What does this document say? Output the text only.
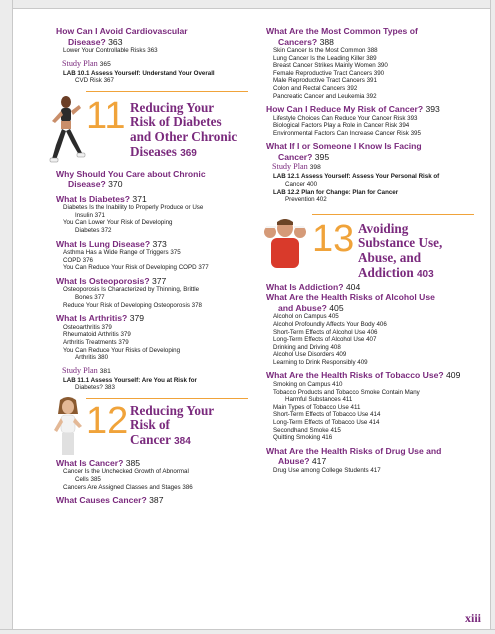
How Can I Avoid Cardiovascular
Disease? 363
Lower Your Controllable Risks 363
Study Plan 365
LAB 10.1 Assess Yourself: Understand Your Overall
CVD Risk 367
11 Reducing Your
Risk of Diabetes
and Other Chronic
Diseases 369
Why Should You Care about Chronic
Disease? 370
What Is Diabetes? 371
Diabetes Is the Inability to Properly Produce or Use
Insulin 371
You Can Lower Your Risk of Developing
Diabetes 372
What Is Lung Disease? 373
Asthma Has a Wide Range of Triggers 375
COPD 376
You Can Reduce Your Risk of Developing COPD 377
What Is Osteoporosis? 377
Osteoporosis Is Characterized by Thinning, Brittle
Bones 377
Reduce Your Risk of Developing Osteoporosis 378
What Is Arthritis? 379
Osteoarthritis 379
Rheumatoid Arthritis 379
Arthritis Treatments 379
You Can Reduce Your Risks of Developing
Arthritis 380
Study Plan 381
LAB 11.1 Assess Yourself: Are You at Risk for
Diabetes? 383
12 Reducing Your
Risk of
Cancer 384
What Is Cancer? 385
Cancer Is the Unchecked Growth of Abnormal
Cells 385
Cancers Are Assigned Classes and Stages 386
What Causes Cancer? 387
What Are the Most Common Types of
Cancers? 388
Skin Cancer Is the Most Common 388
Lung Cancer Is the Leading Killer 389
Breast Cancer Strikes Mainly Women 390
Female Reproductive Tract Cancers 390
Male Reproductive Tract Cancers 391
Colon and Rectal Cancers 392
Pancreatic Cancer and Leukemia 392
How Can I Reduce My Risk of Cancer? 393
Lifestyle Choices Can Reduce Your Cancer Risk 393
Biological Factors Play a Role in Cancer Risk 394
Environmental Factors Can Increase Cancer Risk 395
What If I or Someone I Know Is Facing
Cancer? 395
Study Plan 398
LAB 12.1 Assess Yourself: Assess Your Personal Risk of
Cancer 400
LAB 12.2 Plan for Change: Plan for Cancer
Prevention 402
13 Avoiding
Substance Use,
Abuse, and
Addiction 403
What Is Addiction? 404
What Are the Health Risks of Alcohol Use
and Abuse? 405
Alcohol on Campus 405
Alcohol Profoundly Affects Your Body 406
Short-Term Effects of Alcohol Use 406
Long-Term Effects of Alcohol Use 407
Drinking and Driving 408
Alcohol Use Disorders 409
Learning to Drink Responsibly 409
What Are the Health Risks of Tobacco Use? 409
Smoking on Campus 410
Tobacco Products and Tobacco Smoke Contain Many
Harmful Substances 411
Main Types of Tobacco Use 411
Short-Term Effects of Tobacco Use 414
Long-Term Effects of Tobacco Use 414
Secondhand Smoke 415
Quitting Smoking 416
What Are the Health Risks of Drug Use and
Abuse? 417
Drug Use among College Students 417
xiii
